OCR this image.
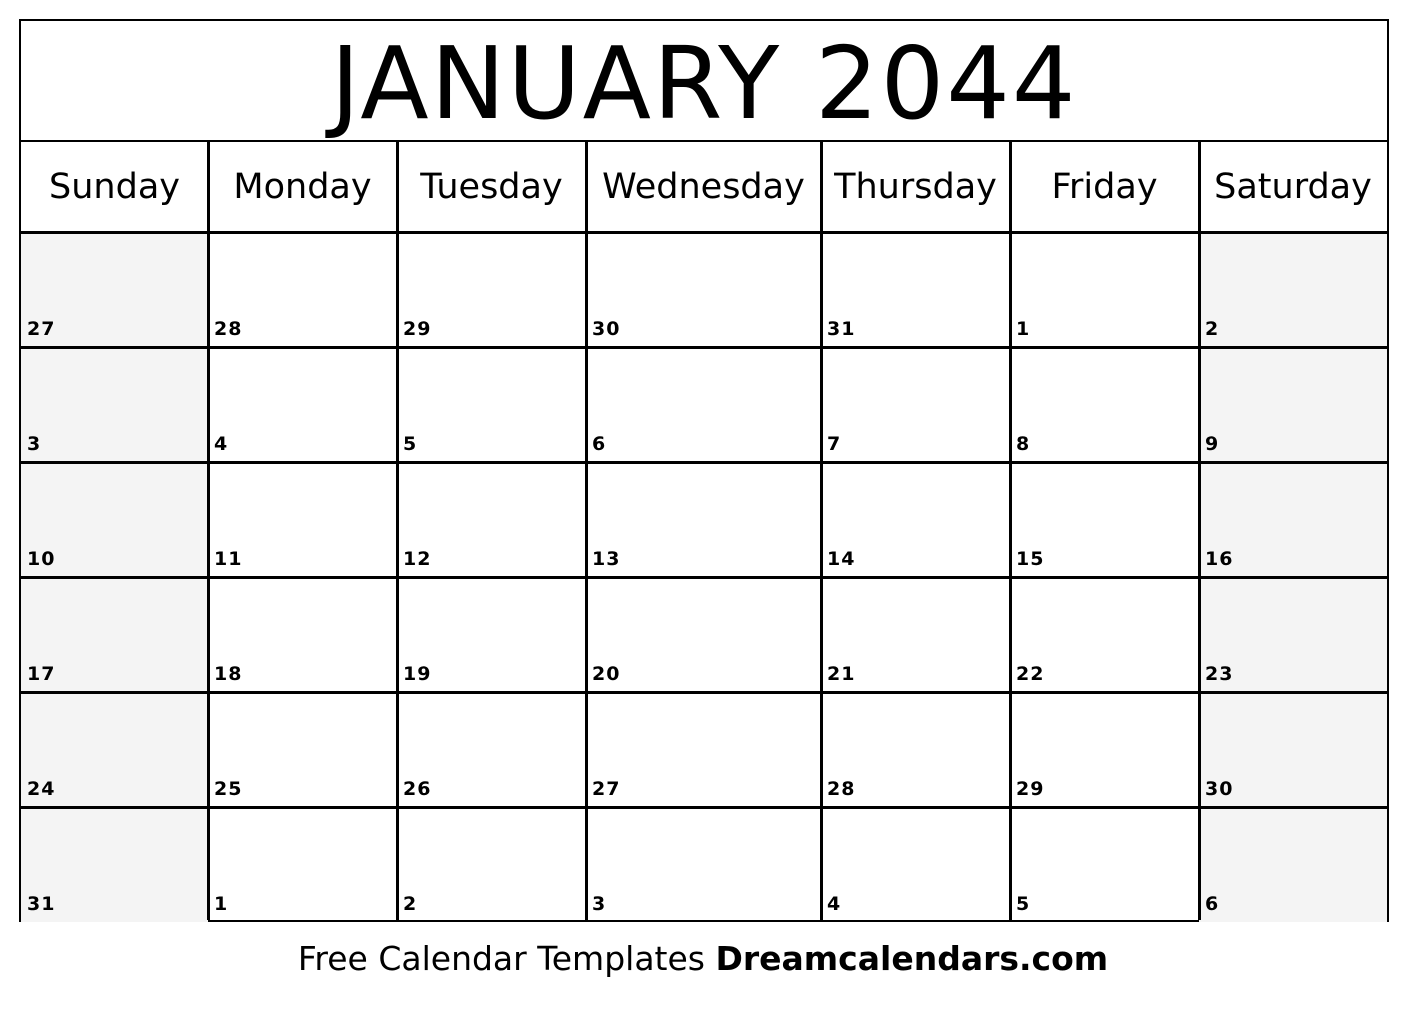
JANUARY 2044
Sunday
27
3
10
17
24
31
Monday
28
4
11
18
25
1
Tuesday
29
5
12
19
26
2
Wednesday
30
6
13
20
27
3
Thursday
31
7
14
21
28
4
Friday
1
8
15
22
29
5
Saturday
2
9
16
23
30
6
Free Calendar Templates Dreamcalendars.com
